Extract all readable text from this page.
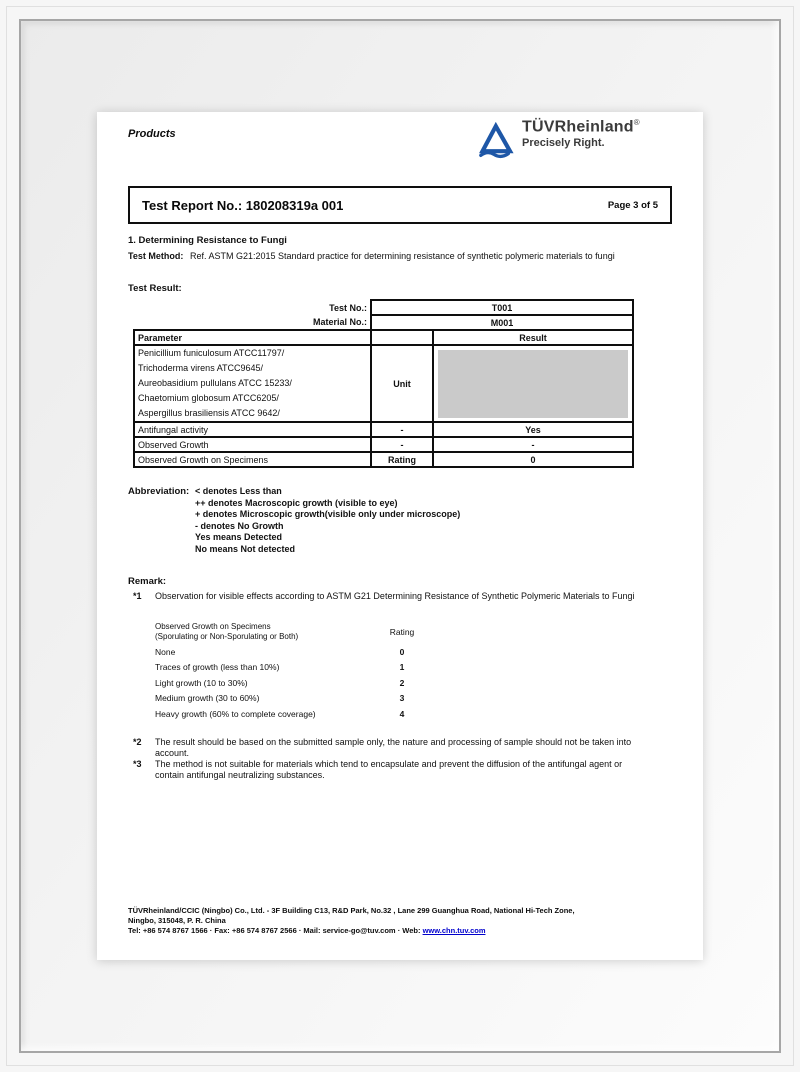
Products	TÜVRheinland®
Precisely Right.
Test Report No.: 180208319a 001	Page 3 of 5
1. Determining Resistance to Fungi
Test Method: Ref. ASTM G21:2015 Standard practice for determining resistance of synthetic polymeric materials to fungi
Test Result:
Test No.:	T001	
Material No.:	M001	
Parameter		Result

Penicillium funiculosum ATCC11797/
Trichoderma virens ATCC9645/
Aureobasidium pullulans ATCC 15233/
Chaetomium globosum ATCC6205/
Aspergillus brasiliensis ATCC 9642/	Unit	

Antifungal activity	-	Yes
Observed Growth	-	-
Observed Growth on Specimens	Rating	0
Abbreviation: < denotes Less than
++ denotes Macroscopic growth (visible to eye)
+ denotes Microscopic growth(visible only under microscope)
- denotes No Growth
Yes means Detected
No means Not detected
Remark:
*1	Observation for visible effects according to ASTM G21 Determining Resistance of Synthetic Polymeric Materials to Fungi
Observed Growth on Specimens
(Sporulating or Non-Sporulating or Both)	Rating
None	0
Traces of growth (less than 10%)	1
Light growth (10 to 30%)	2
Medium growth (30 to 60%)	3
Heavy growth (60% to complete coverage)	4
*2	The result should be based on the submitted sample only, the nature and processing of sample should not be taken into account.
*3	The method is not suitable for materials which tend to encapsulate and prevent the diffusion of the antifungal agent or contain antifungal neutralizing substances.
TÜVRheinland/CCIC (Ningbo) Co., Ltd. - 3F Building C13, R&D Park, No.32 , Lane 299 Guanghua Road, National Hi-Tech Zone,
Ningbo, 315048, P. R. China
Tel: +86 574 8767 1566 · Fax: +86 574 8767 2566 · Mail: service-go@tuv.com · Web: www.chn.tuv.com
